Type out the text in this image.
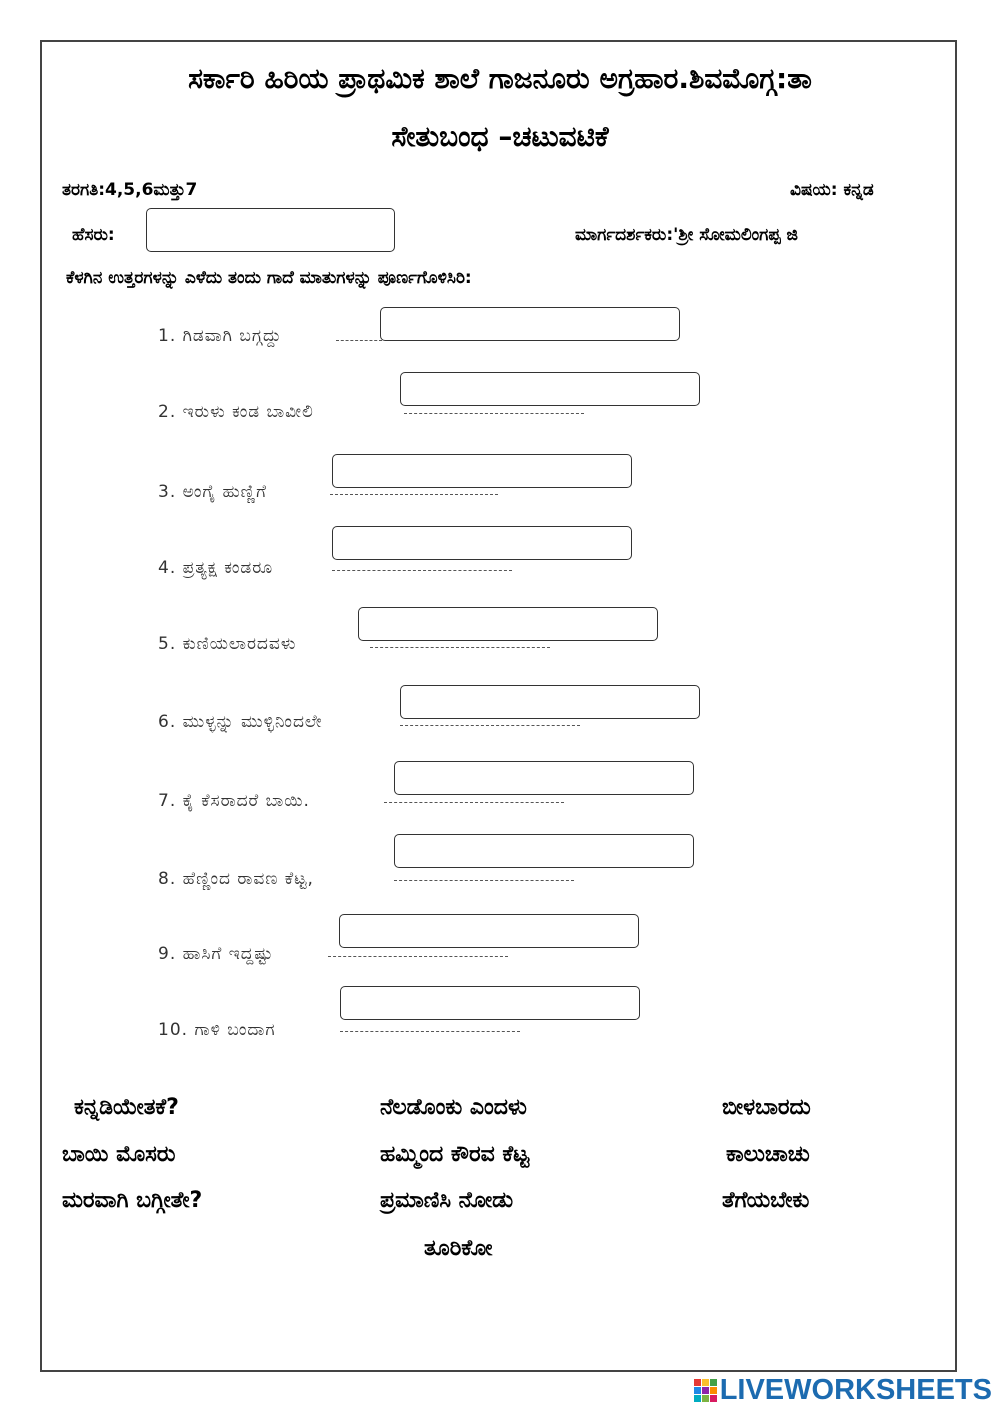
ಸರ್ಕಾರಿ ಹಿರಿಯ ಪ್ರಾಥಮಿಕ ಶಾಲೆ ಗಾಜನೂರು ಅಗ್ರಹಾರ.ಶಿವಮೊಗ್ಗ:ತಾ
ಸೇತುಬಂಧ –ಚಟುವಟಿಕೆ
ತರಗತಿ:4,5,6ಮತ್ತು7	ವಿಷಯ: ಕನ್ನಡ
ಹೆಸರು:	ಮಾರ್ಗದರ್ಶಕರು:'ಶ್ರೀ ಸೋಮಲಿಂಗಪ್ಪ ಜಿ
ಕೆಳಗಿನ ಉತ್ತರಗಳನ್ನು ಎಳೆದು ತಂದು ಗಾದೆ ಮಾತುಗಳನ್ನು ಪೂರ್ಣಗೊಳಿಸಿರಿ:
1. ಗಿಡವಾಗಿ ಬಗ್ಗದ್ದು
2. ಇರುಳು ಕಂಡ ಬಾವೀಲಿ
3. ಅಂಗೈ ಹುಣ್ಣಿಗೆ
4. ಪ್ರತ್ಯಕ್ಷ ಕಂಡರೂ
5. ಕುಣಿಯಲಾರದವಳು
6. ಮುಳ್ಳನ್ನು ಮುಳ್ಳಿನಿಂದಲೇ
7. ಕೈ ಕೆಸರಾದರೆ ಬಾಯಿ.
8. ಹೆಣ್ಣಿಂದ ರಾವಣ ಕೆಟ್ಟ,
9. ಹಾಸಿಗೆ ಇದ್ದಷ್ಟು
10. ಗಾಳಿ ಬಂದಾಗ
ಕನ್ನಡಿಯೇತಕೆ?	ನೆಲಡೊಂಕು ಎಂದಳು	ಬೀಳಬಾರದು
ಬಾಯಿ ಮೊಸರು	ಹಮ್ಮಿಂದ ಕೌರವ ಕೆಟ್ಟ	ಕಾಲುಚಾಚು
ಮರವಾಗಿ ಬಗ್ಗೀತೇ?	ಪ್ರಮಾಣಿಸಿ ನೋಡು	ತೆಗೆಯಬೇಕು
ತೂರಿಕೋ
LIVEWORKSHEETS
